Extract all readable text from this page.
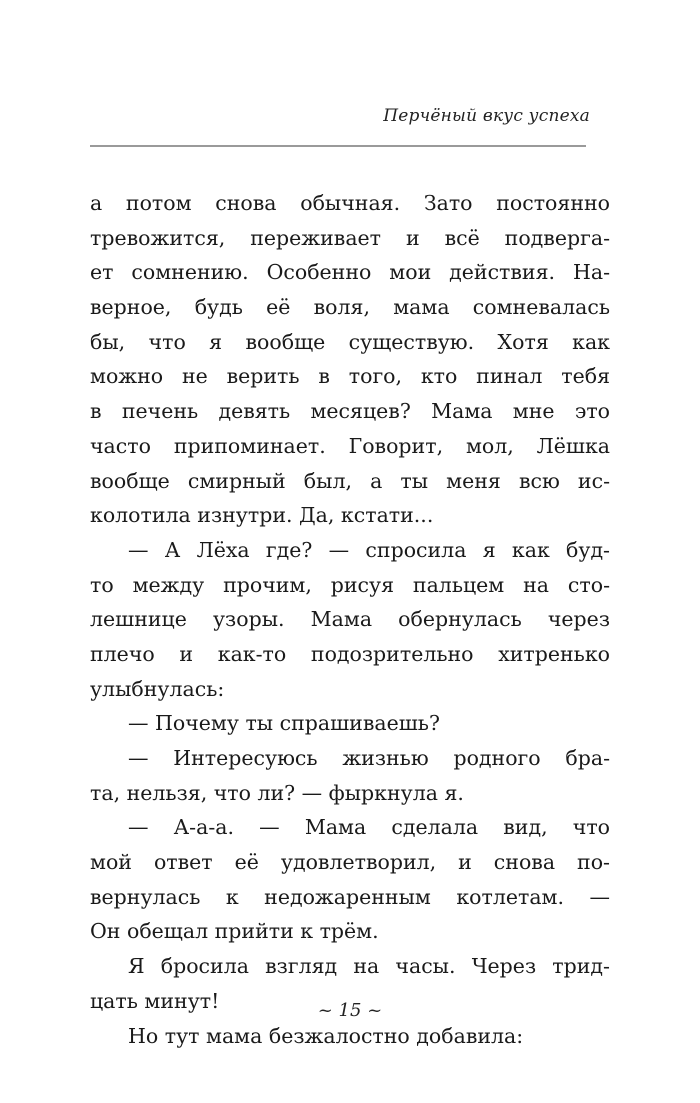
Перчёный вкус успеха
а потом снова обычная. Зато постоянно
тревожится, переживает и всё подверга-
ет сомнению. Особенно мои действия. На-
верное, будь её воля, мама сомневалась
бы, что я вообще существую. Хотя как
можно не верить в того, кто пинал тебя
в печень девять месяцев? Мама мне это
часто припоминает. Говорит, мол, Лёшка
вообще смирный был, а ты меня всю ис-
колотила изнутри. Да, кстати...
— А Лёха где? — спросила я как буд-
то между прочим, рисуя пальцем на сто-
лешнице узоры. Мама обернулась через
плечо и как-то подозрительно хитренько
улыбнулась:
— Почему ты спрашиваешь?
— Интересуюсь жизнью родного бра-
та, нельзя, что ли? — фыркнула я.
— А-а-а. — Мама сделала вид, что
мой ответ её удовлетворил, и снова по-
вернулась к недожаренным котлетам. —
Он обещал прийти к трём.
Я бросила взгляд на часы. Через трид-
цать минут!
Но тут мама безжалостно добавила:
~ 15 ~
